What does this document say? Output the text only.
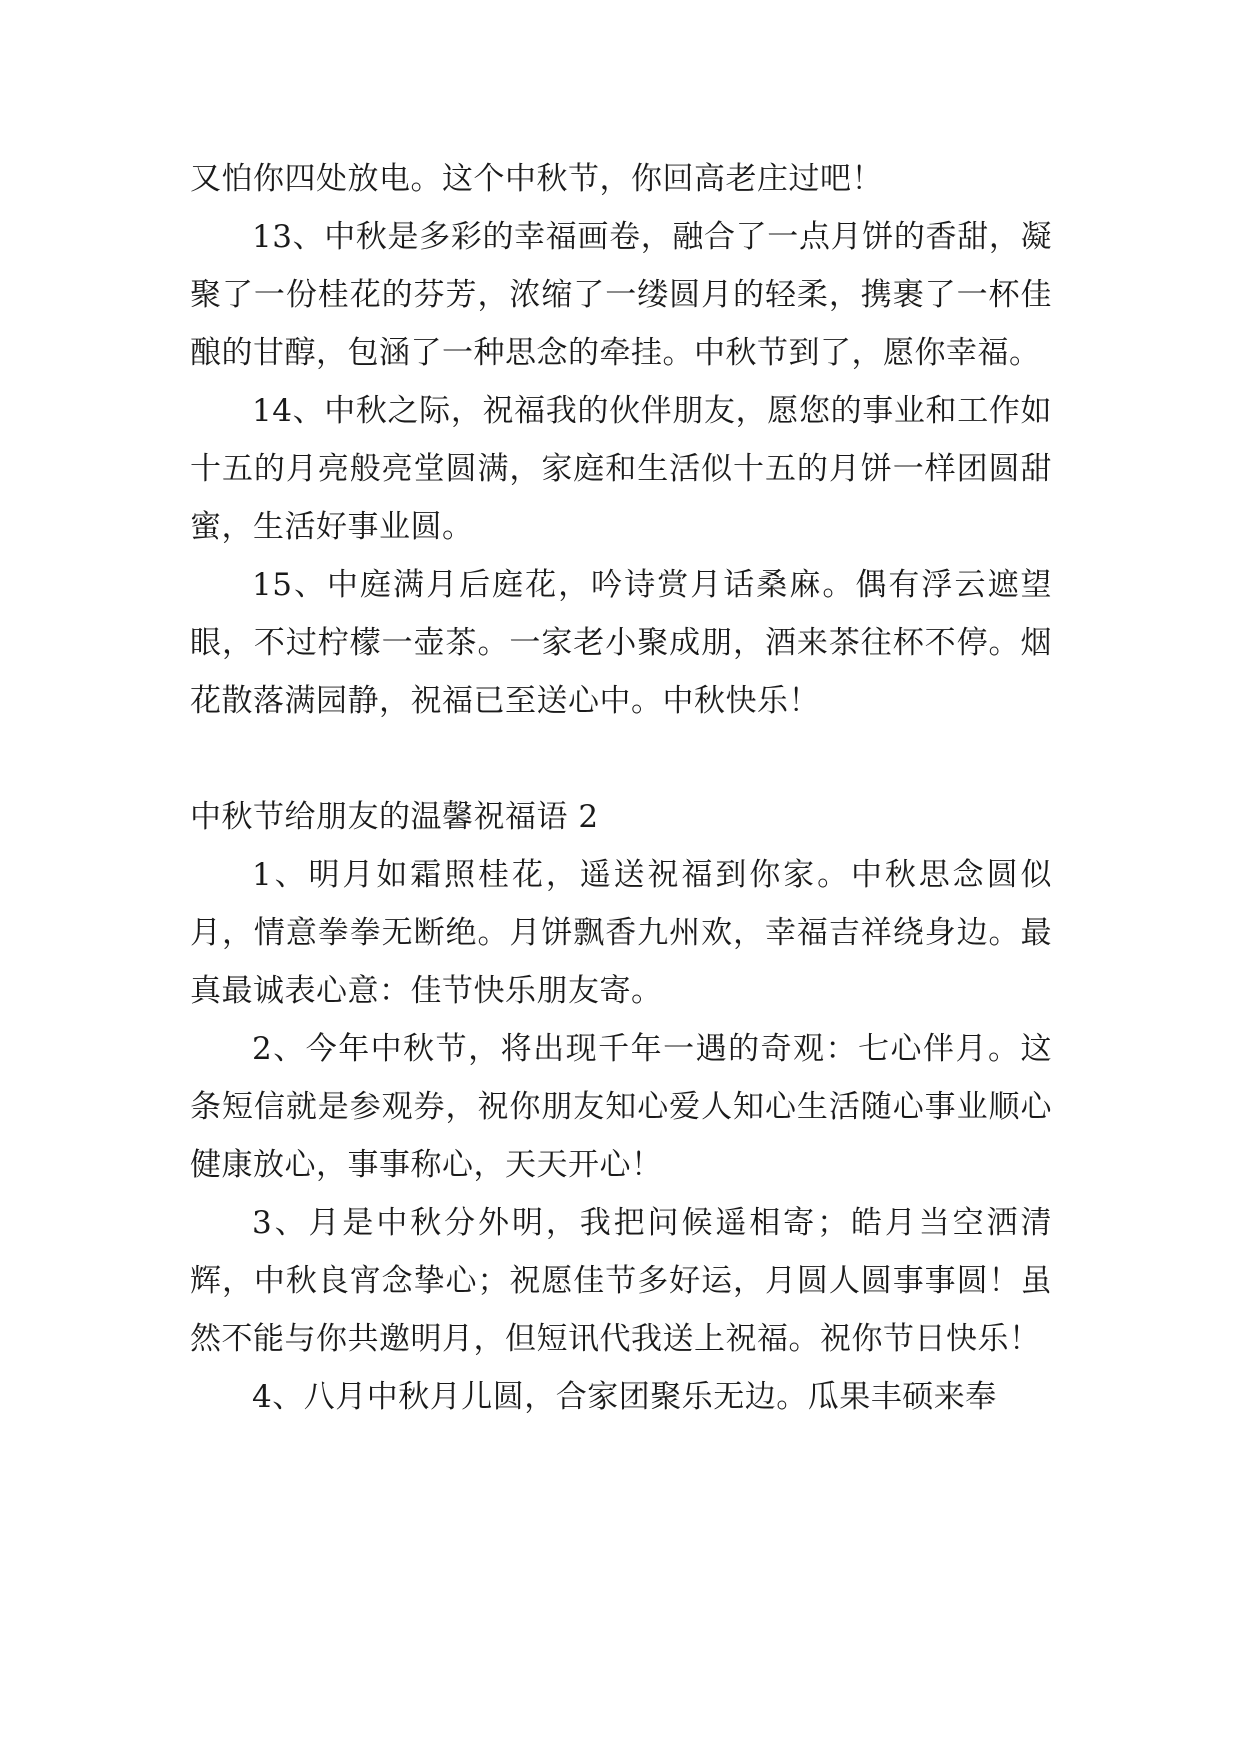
又怕你四处放电。这个中秋节，你回高老庄过吧！

13、中秋是多彩的幸福画卷，融合了一点月饼的香甜，凝聚了一份桂花的芬芳，浓缩了一缕圆月的轻柔，携裹了一杯佳酿的甘醇，包涵了一种思念的牵挂。中秋节到了，愿你幸福。

14、中秋之际，祝福我的伙伴朋友，愿您的事业和工作如十五的月亮般亮堂圆满，家庭和生活似十五的月饼一样团圆甜蜜，生活好事业圆。

15、中庭满月后庭花，吟诗赏月话桑麻。偶有浮云遮望眼，不过柠檬一壶茶。一家老小聚成朋，酒来茶往杯不停。烟花散落满园静，祝福已至送心中。中秋快乐！

中秋节给朋友的温馨祝福语 2

1、明月如霜照桂花，遥送祝福到你家。中秋思念圆似月，情意拳拳无断绝。月饼飘香九州欢，幸福吉祥绕身边。最真最诚表心意：佳节快乐朋友寄。

2、今年中秋节，将出现千年一遇的奇观：七心伴月。这条短信就是参观券，祝你朋友知心爱人知心生活随心事业顺心健康放心，事事称心，天天开心！

3、月是中秋分外明，我把问候遥相寄；皓月当空洒清辉，中秋良宵念挚心；祝愿佳节多好运，月圆人圆事事圆！虽然不能与你共邀明月，但短讯代我送上祝福。祝你节日快乐！

4、八月中秋月儿圆，合家团聚乐无边。瓜果丰硕来奉
